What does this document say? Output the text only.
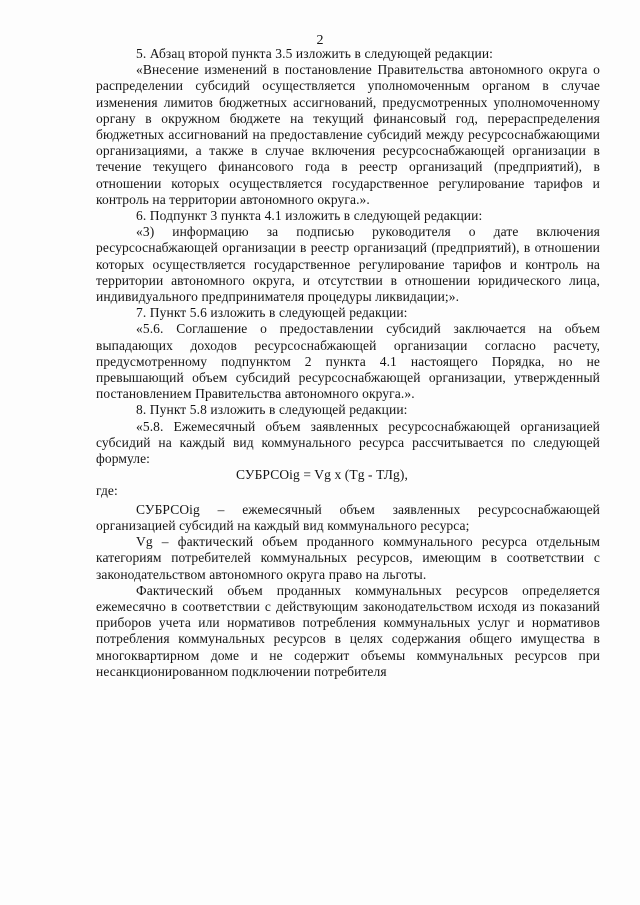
2

5. Абзац второй пункта 3.5 изложить в следующей редакции:

«Внесение изменений в постановление Правительства автономного округа о распределении субсидий осуществляется уполномоченным органом в случае изменения лимитов бюджетных ассигнований, предусмотренных уполномоченному органу в окружном бюджете на текущий финансовый год, перераспределения бюджетных ассигнований на предоставление субсидий между ресурсоснабжающими организациями, а также в случае включения ресурсоснабжающей организации в течение текущего финансового года в реестр организаций (предприятий), в отношении которых осуществляется государственное регулирование тарифов и контроль на территории автономного округа.».

6. Подпункт 3 пункта 4.1 изложить в следующей редакции:

«3) информацию за подписью руководителя о дате включения ресурсоснабжающей организации в реестр организаций (предприятий), в отношении которых осуществляется государственное регулирование тарифов и контроль на территории автономного округа, и отсутствии в отношении юридического лица, индивидуального предпринимателя процедуры ликвидации;».

7. Пункт 5.6 изложить в следующей редакции:

«5.6. Соглашение о предоставлении субсидий заключается на объем выпадающих доходов ресурсоснабжающей организации согласно расчету, предусмотренному подпунктом 2 пункта 4.1 настоящего Порядка, но не превышающий объем субсидий ресурсоснабжающей организации, утвержденный постановлением Правительства автономного округа.».

8. Пункт 5.8 изложить в следующей редакции:

«5.8. Ежемесячный объем заявленных ресурсоснабжающей организацией субсидий на каждый вид коммунального ресурса рассчитывается по следующей формуле:

СУБРСОig = Vg x (Tg - ТЛg),

где:

СУБРСОig – ежемесячный объем заявленных ресурсоснабжающей организацией субсидий на каждый вид коммунального ресурса;

Vg – фактический объем проданного коммунального ресурса отдельным категориям потребителей коммунальных ресурсов, имеющим в соответствии с законодательством автономного округа право на льготы.

Фактический объем проданных коммунальных ресурсов определяется ежемесячно в соответствии с действующим законодательством исходя из показаний приборов учета или нормативов потребления коммунальных услуг и нормативов потребления коммунальных ресурсов в целях содержания общего имущества в многоквартирном доме и не содержит объемы коммунальных ресурсов при несанкционированном подключении потребителя
